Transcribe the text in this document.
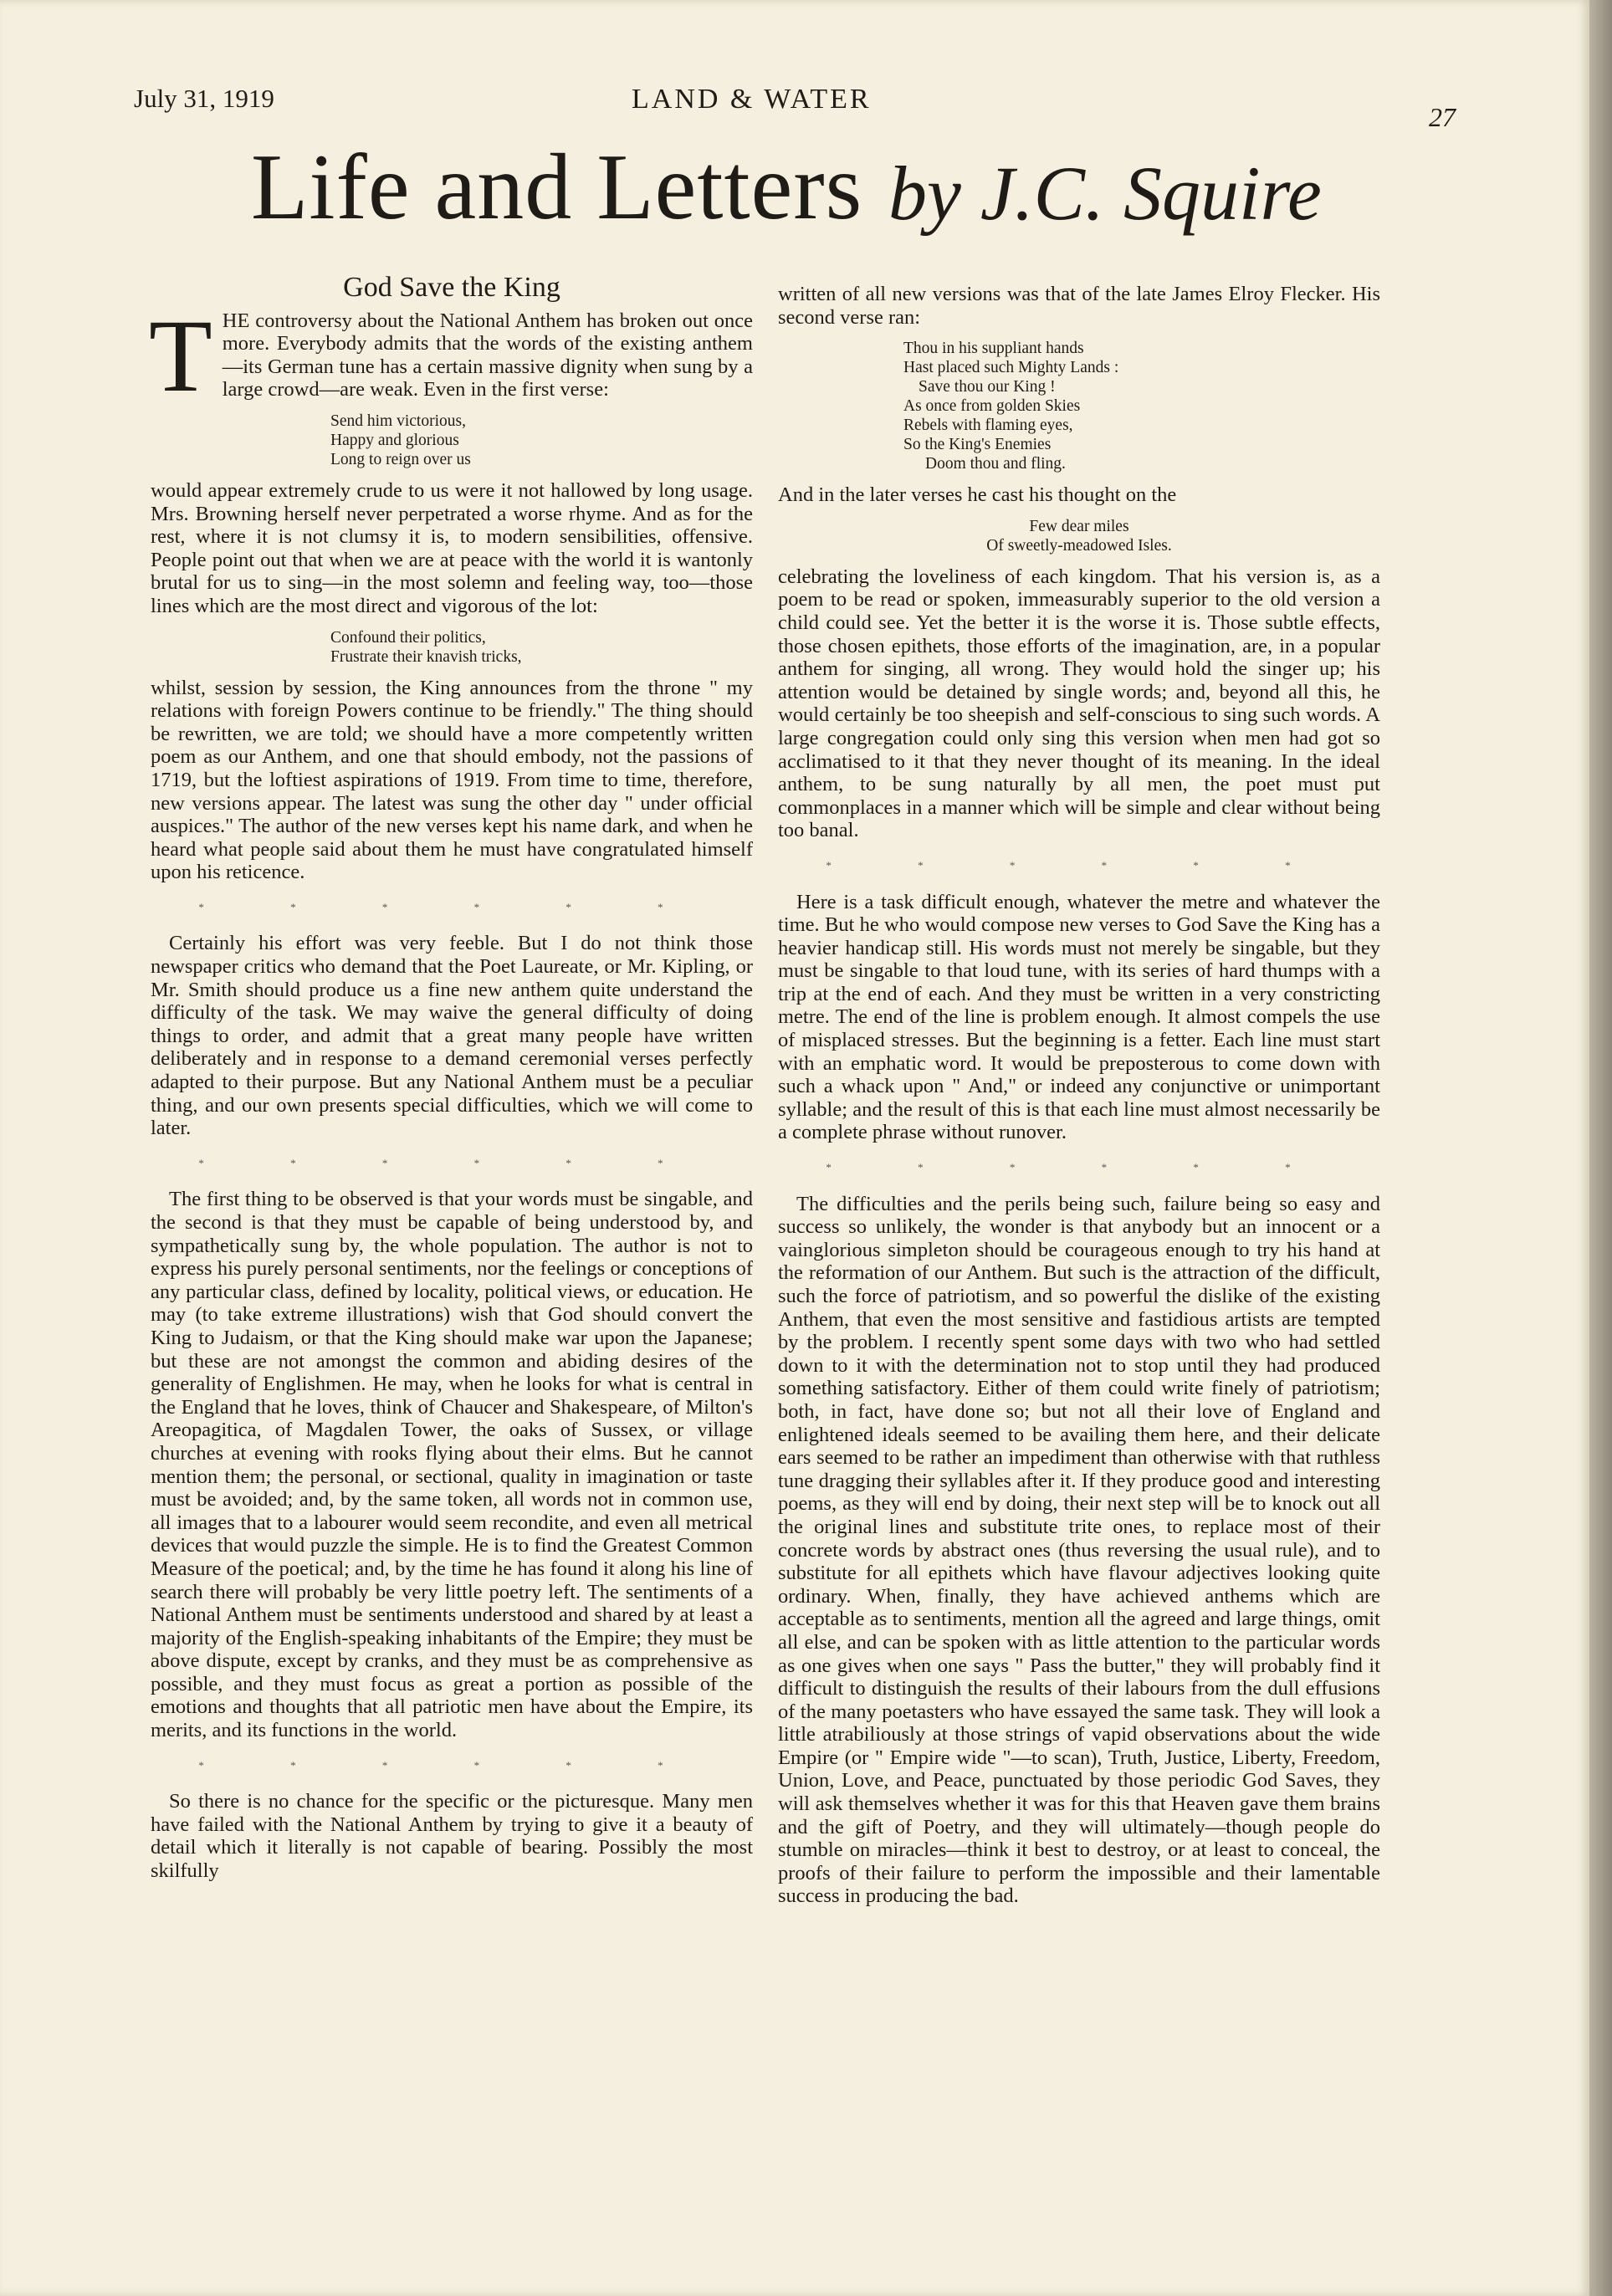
July 31, 1919	LAND & WATER
27
Life and Letters by J.C. Squire
God Save the King

THE controversy about the National Anthem has broken out once more. Everybody admits that the words of the existing anthem—its German tune has a certain massive dignity when sung by a large crowd—are weak. Even in the first verse:

Send him victorious,
Happy and glorious
Long to reign over us

would appear extremely crude to us were it not hallowed by long usage. Mrs. Browning herself never perpetrated a worse rhyme. And as for the rest, where it is not clumsy it is, to modern sensibilities, offensive. People point out that when we are at peace with the world it is wantonly brutal for us to sing—in the most solemn and feeling way, too—those lines which are the most direct and vigorous of the lot:

Confound their politics,
Frustrate their knavish tricks,

whilst, session by session, the King announces from the throne " my relations with foreign Powers continue to be friendly." The thing should be rewritten, we are told; we should have a more competently written poem as our Anthem, and one that should embody, not the passions of 1719, but the loftiest aspirations of 1919. From time to time, therefore, new versions appear. The latest was sung the other day " under official auspices." The author of the new verses kept his name dark, and when he heard what people said about them he must have congratulated himself upon his reticence.

* * * * * *

Certainly his effort was very feeble. But I do not think those newspaper critics who demand that the Poet Laureate, or Mr. Kipling, or Mr. Smith should produce us a fine new anthem quite understand the difficulty of the task. We may waive the general difficulty of doing things to order, and admit that a great many people have written deliberately and in response to a demand ceremonial verses perfectly adapted to their purpose. But any National Anthem must be a peculiar thing, and our own presents special difficulties, which we will come to later.

* * * * * *

The first thing to be observed is that your words must be singable, and the second is that they must be capable of being understood by, and sympathetically sung by, the whole population. The author is not to express his purely personal sentiments, nor the feelings or conceptions of any particular class, defined by locality, political views, or education. He may (to take extreme illustrations) wish that God should convert the King to Judaism, or that the King should make war upon the Japanese; but these are not amongst the common and abiding desires of the generality of Englishmen. He may, when he looks for what is central in the England that he loves, think of Chaucer and Shakespeare, of Milton's Areopagitica, of Magdalen Tower, the oaks of Sussex, or village churches at evening with rooks flying about their elms. But he cannot mention them; the personal, or sectional, quality in imagination or taste must be avoided; and, by the same token, all words not in common use, all images that to a labourer would seem recondite, and even all metrical devices that would puzzle the simple. He is to find the Greatest Common Measure of the poetical; and, by the time he has found it along his line of search there will probably be very little poetry left. The sentiments of a National Anthem must be sentiments understood and shared by at least a majority of the English-speaking inhabitants of the Empire; they must be above dispute, except by cranks, and they must be as comprehensive as possible, and they must focus as great a portion as possible of the emotions and thoughts that all patriotic men have about the Empire, its merits, and its functions in the world.

* * * * * *

So there is no chance for the specific or the picturesque. Many men have failed with the National Anthem by trying to give it a beauty of detail which it literally is not capable of bearing. Possibly the most skilfully

written of all new versions was that of the late James Elroy Flecker. His second verse ran:

Thou in his suppliant hands
Hast placed such Mighty Lands :
Save thou our King !
As once from golden Skies
Rebels with flaming eyes,
So the King's Enemies
Doom thou and fling.

And in the later verses he cast his thought on the

Few dear miles
Of sweetly-meadowed Isles.

celebrating the loveliness of each kingdom. That his version is, as a poem to be read or spoken, immeasurably superior to the old version a child could see. Yet the better it is the worse it is. Those subtle effects, those chosen epithets, those efforts of the imagination, are, in a popular anthem for singing, all wrong. They would hold the singer up; his attention would be detained by single words; and, beyond all this, he would certainly be too sheepish and self-conscious to sing such words. A large congregation could only sing this version when men had got so acclimatised to it that they never thought of its meaning. In the ideal anthem, to be sung naturally by all men, the poet must put commonplaces in a manner which will be simple and clear without being too banal.

* * * * * *

Here is a task difficult enough, whatever the metre and whatever the time. But he who would compose new verses to God Save the King has a heavier handicap still. His words must not merely be singable, but they must be singable to that loud tune, with its series of hard thumps with a trip at the end of each. And they must be written in a very constricting metre. The end of the line is problem enough. It almost compels the use of misplaced stresses. But the beginning is a fetter. Each line must start with an emphatic word. It would be preposterous to come down with such a whack upon " And," or indeed any conjunctive or unimportant syllable; and the result of this is that each line must almost necessarily be a complete phrase without runover.

* * * * * *

The difficulties and the perils being such, failure being so easy and success so unlikely, the wonder is that anybody but an innocent or a vainglorious simpleton should be courageous enough to try his hand at the reformation of our Anthem. But such is the attraction of the difficult, such the force of patriotism, and so powerful the dislike of the existing Anthem, that even the most sensitive and fastidious artists are tempted by the problem. I recently spent some days with two who had settled down to it with the determination not to stop until they had produced something satisfactory. Either of them could write finely of patriotism; both, in fact, have done so; but not all their love of England and enlightened ideals seemed to be availing them here, and their delicate ears seemed to be rather an impediment than otherwise with that ruthless tune dragging their syllables after it. If they produce good and interesting poems, as they will end by doing, their next step will be to knock out all the original lines and substitute trite ones, to replace most of their concrete words by abstract ones (thus reversing the usual rule), and to substitute for all epithets which have flavour adjectives looking quite ordinary. When, finally, they have achieved anthems which are acceptable as to sentiments, mention all the agreed and large things, omit all else, and can be spoken with as little attention to the particular words as one gives when one says " Pass the butter," they will probably find it difficult to distinguish the results of their labours from the dull effusions of the many poetasters who have essayed the same task. They will look a little atrabiliously at those strings of vapid observations about the wide Empire (or " Empire wide "—to scan), Truth, Justice, Liberty, Freedom, Union, Love, and Peace, punctuated by those periodic God Saves, they will ask themselves whether it was for this that Heaven gave them brains and the gift of Poetry, and they will ultimately—though people do stumble on miracles—think it best to destroy, or at least to conceal, the proofs of their failure to perform the impossible and their lamentable success in producing the bad.
